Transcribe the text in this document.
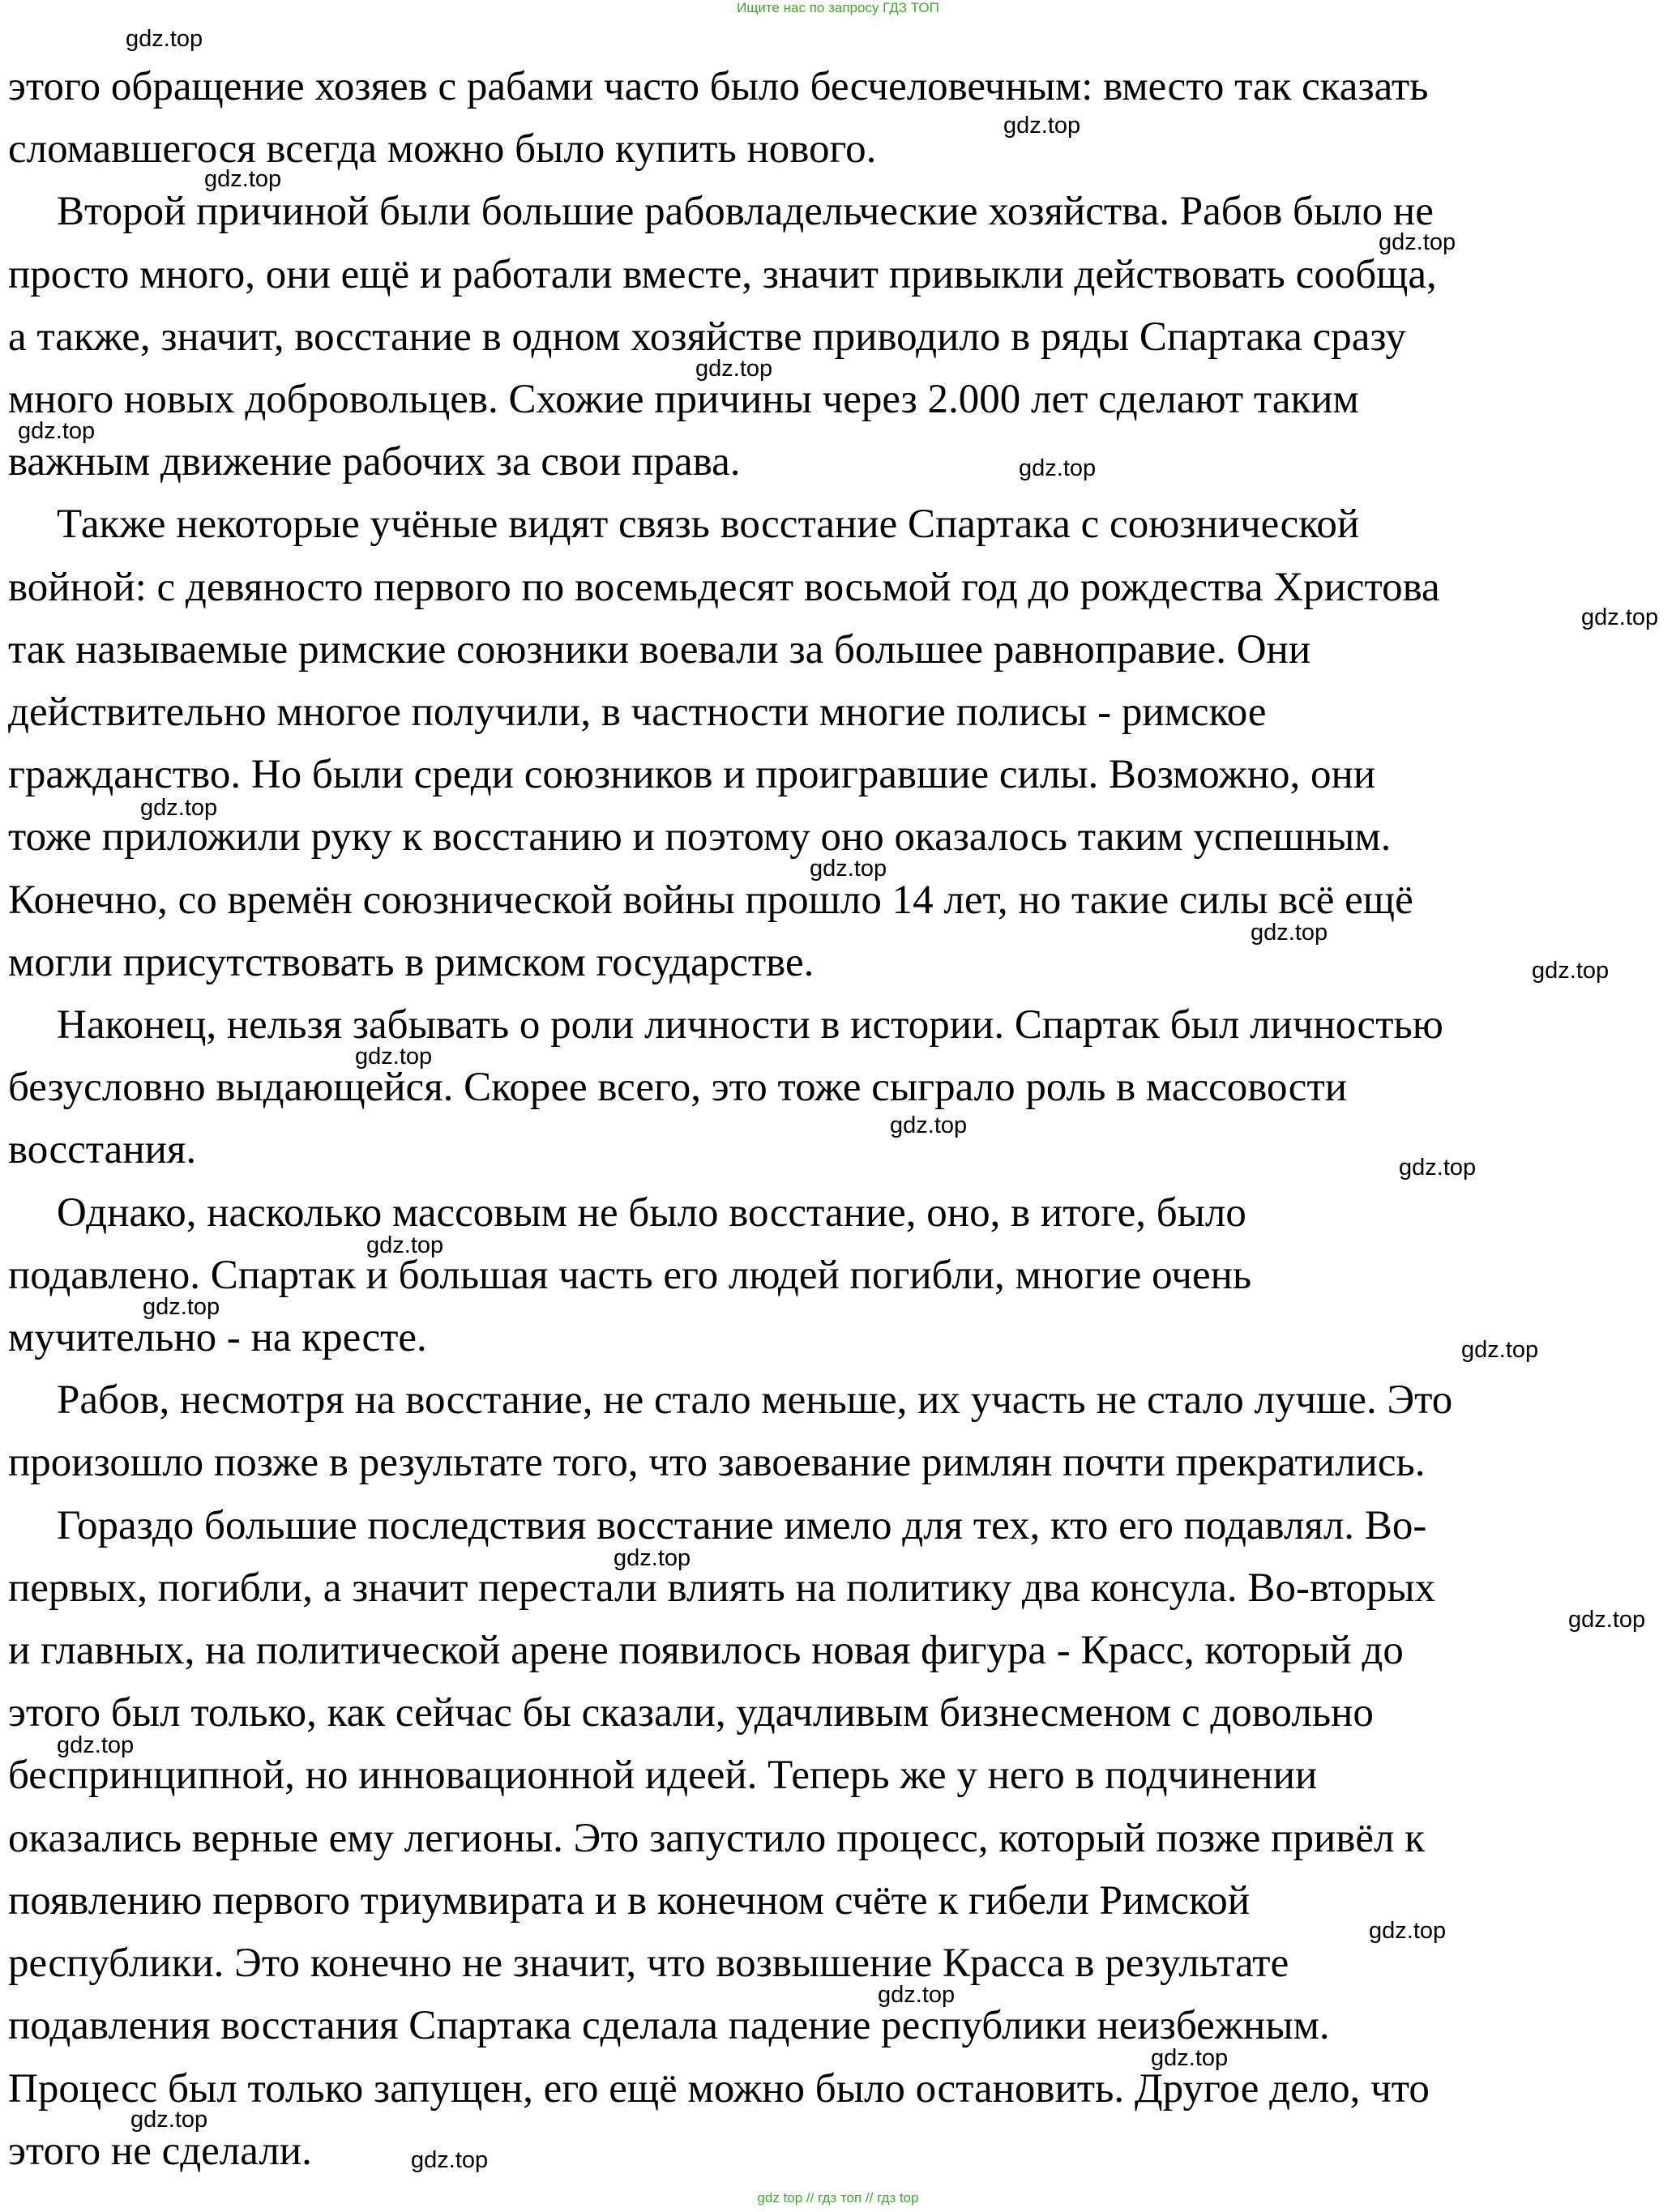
Ищите нас по запросу ГДЗ ТОП

этого обращение хозяев с рабами часто было бесчеловечным: вместо так сказать
сломавшегося всегда можно было купить нового.

Второй причиной были большие рабовладельческие хозяйства. Рабов было не
просто много, они ещё и работали вместе, значит привыкли действовать сообща,
а также, значит, восстание в одном хозяйстве приводило в ряды Спартака сразу
много новых добровольцев. Схожие причины через 2.000 лет сделают таким
важным движение рабочих за свои права.

Также некоторые учёные видят связь восстание Спартака с союзнической
войной: с девяносто первого по восемьдесят восьмой год до рождества Христова
так называемые римские союзники воевали за большее равноправие. Они
действительно многое получили, в частности многие полисы - римское
гражданство. Но были среди союзников и проигравшие силы. Возможно, они
тоже приложили руку к восстанию и поэтому оно оказалось таким успешным.
Конечно, со времён союзнической войны прошло 14 лет, но такие силы всё ещё
могли присутствовать в римском государстве.

Наконец, нельзя забывать о роли личности в истории. Спартак был личностью
безусловно выдающейся. Скорее всего, это тоже сыграло роль в массовости
восстания.

Однако, насколько массовым не было восстание, оно, в итоге, было
подавлено. Спартак и большая часть его людей погибли, многие очень
мучительно - на кресте.

Рабов, несмотря на восстание, не стало меньше, их участь не стало лучше. Это
произошло позже в результате того, что завоевание римлян почти прекратились.

Гораздо большие последствия восстание имело для тех, кто его подавлял. Во-
первых, погибли, а значит перестали влиять на политику два консула. Во-вторых
и главных, на политической арене появилось новая фигура - Красс, который до
этого был только, как сейчас бы сказали, удачливым бизнесменом с довольно
беспринципной, но инновационной идеей. Теперь же у него в подчинении
оказались верные ему легионы. Это запустило процесс, который позже привёл к
появлению первого триумвирата и в конечном счёте к гибели Римской
республики. Это конечно не значит, что возвышение Красса в результате
подавления восстания Спартака сделала падение республики неизбежным.
Процесс был только запущен, его ещё можно было остановить. Другое дело, что
этого не сделали.

gdz.top
gdz.top
gdz.top
gdz.top
gdz.top
gdz.top
gdz.top
gdz.top
gdz.top
gdz.top
gdz.top
gdz.top
gdz.top
gdz.top
gdz.top
gdz.top
gdz.top
gdz.top
gdz.top
gdz.top
gdz.top
gdz.top
gdz.top
gdz.top
gdz.top
gdz.top
gdz top // гдз топ // гдз top
